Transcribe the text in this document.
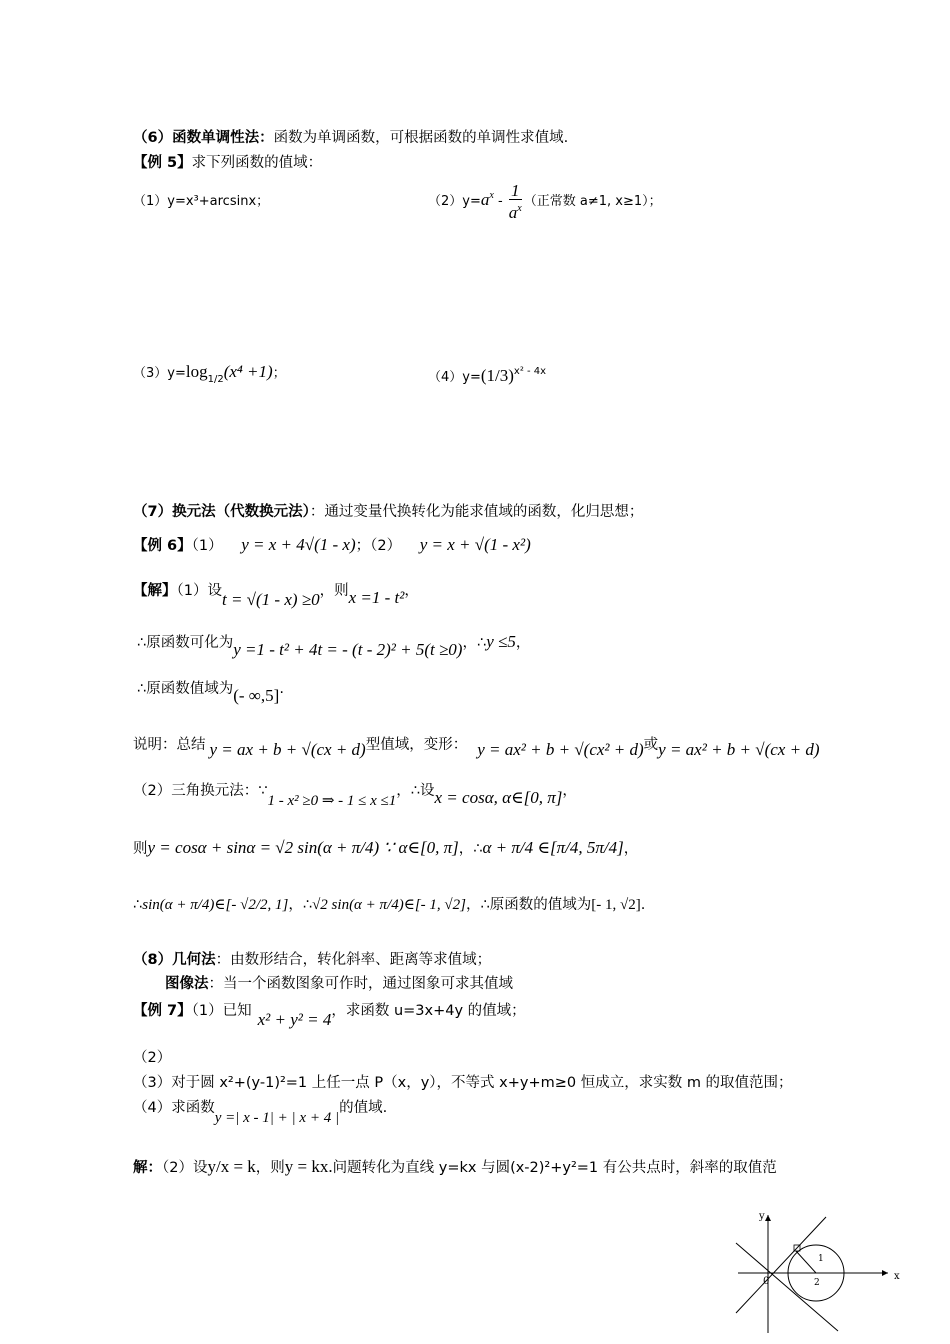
（6）函数单调性法：函数为单调函数，可根据函数的单调性求值域.
【例 5】求下列函数的值域：
（1）y=x³+arcsinx；	$(2)y=a^x - \frac{1}{a^x}$ （正常数 a≠1, x≥1）；
$(3)y=\log_{1/2}(x^4 +1)$；	$(4)y=(1/3)^{x^2 - 4x}$
（7）换元法（代数换元法）：通过变量代换转化为能求值域的函数，化归思想；
【例 6】（1） y = x + 4√(1 - x)；（2） y = x + √(1 - x²)
【解】（1）设t = √(1 - x) ≥0，则x =1 - t²，
∴原函数可化为y =1 - t² + 4t = - (t - 2)² + 5(t ≥0)，∴y ≤5，
∴原函数值域为(- ∞,5].
说明：总结 y = ax + b + √(cx + d)型值域，变形： y = ax² + b + √(cx² + d)或y = ax² + b + √(cx + d)
（2）三角换元法：∵1 - x² ≥0 ⇒ - 1 ≤ x ≤1，∴设x = cosα, α∈[0, π]，
则y = cosα + sinα = √2 sin(α + π/4) ∵ α∈[0, π]，∴α + π/4 ∈[π/4, 5π/4]，
∴sin(α + π/4)∈[- √2/2, 1]，∴√2 sin(α + π/4)∈[- 1, √2]，∴原函数的值域为[- 1, √2].
（8）几何法：由数形结合，转化斜率、距离等求值域；
图像法：当一个函数图象可作时，通过图象可求其值域
【例 7】（1）已知 x² + y² = 4，求函数 u=3x+4y 的值域；
（2）
（3）对于圆 x²+(y-1)²=1 上任一点 P（x，y），不等式 x+y+m≥0 恒成立，求实数 m 的取值范围；
（4）求函数y =| x - 1| + | x + 4 |的值域.
解：（2）设y/x = k，则y = kx.问题转化为直线 y=kx 与圆(x-2)²+y²=1 有公共点时，斜率的取值范
x
y
0	2
1
